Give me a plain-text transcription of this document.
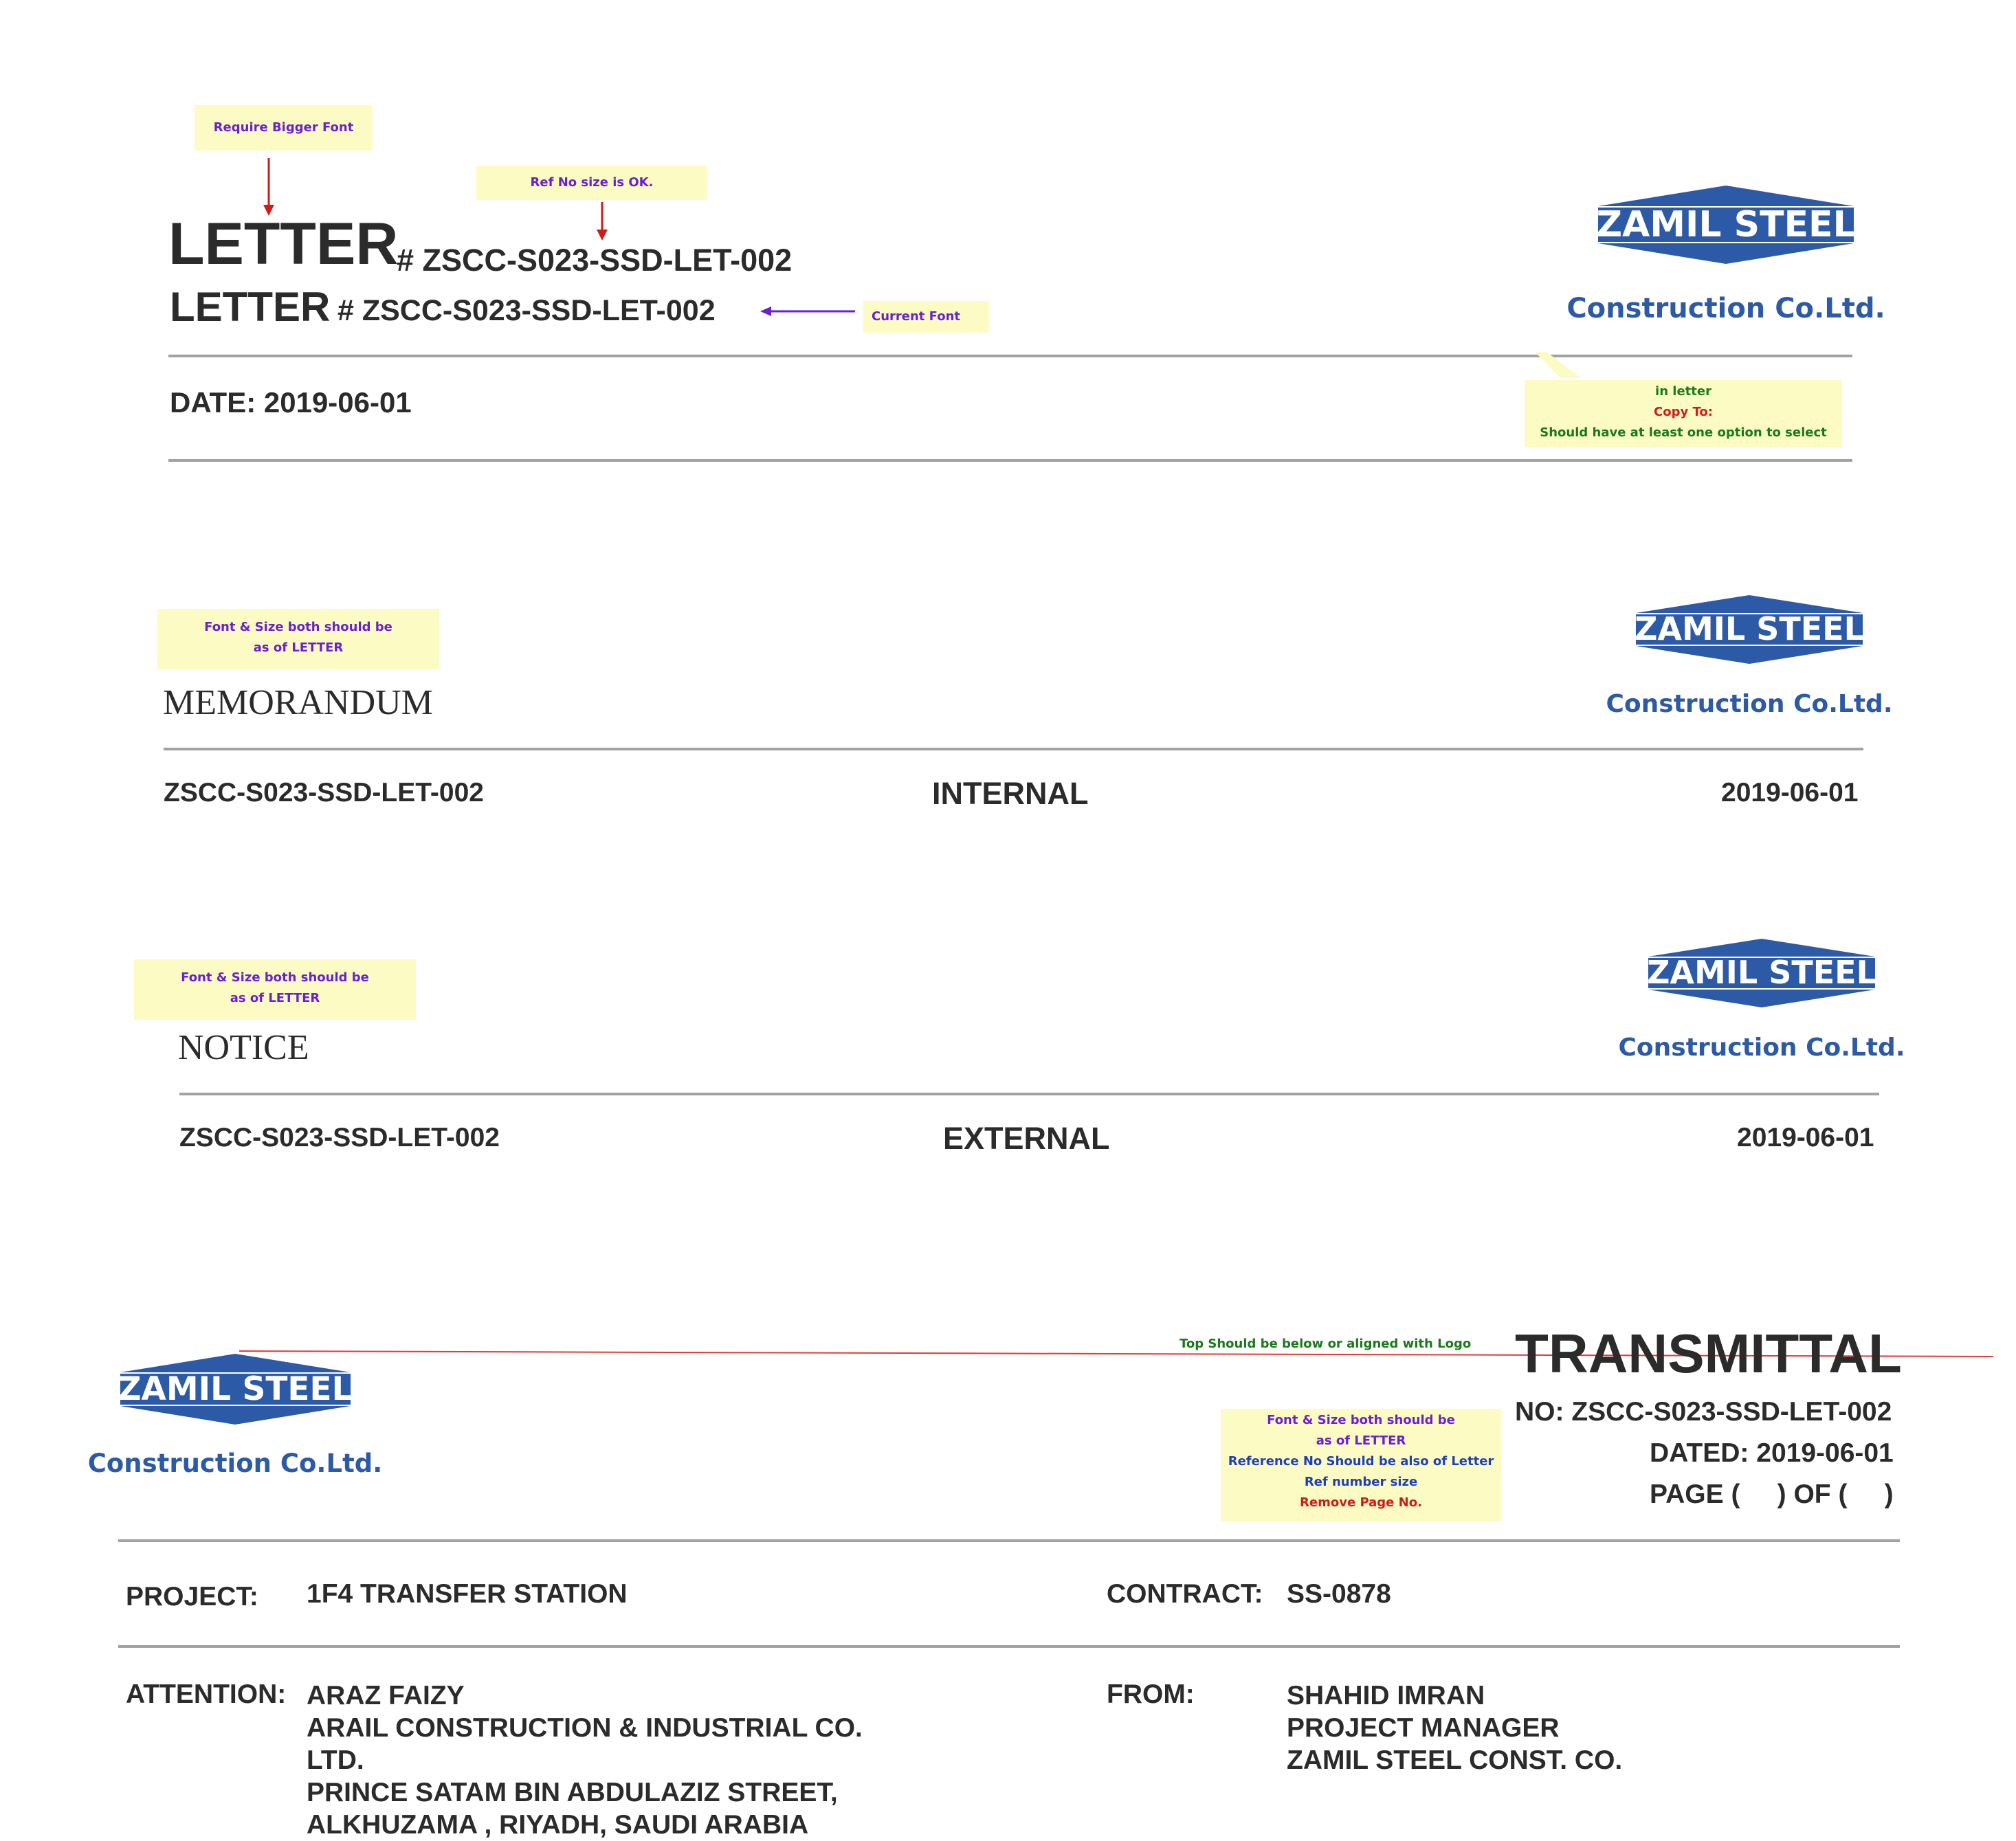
Require Bigger Font
Ref No size is OK.
LETTER
# ZSCC-S023-SSD-LET-002
LETTER # ZSCC-S023-SSD-LET-002	Current Font
ZAMIL STEEL
Construction Co.Ltd.
in letter
Copy To:
Should have at least one option to select
DATE: 2019-06-01
Font & Size both should be
as of LETTER
MEMORANDUM
ZAMIL STEEL
Construction Co.Ltd.
ZSCC-S023-SSD-LET-002	INTERNAL	2019-06-01
Font & Size both should be
as of LETTER
NOTICE
ZAMIL STEEL
Construction Co.Ltd.
ZSCC-S023-SSD-LET-002	EXTERNAL	2019-06-01
Top Should be below or aligned with Logo
ZAMIL STEEL
Construction Co.Ltd.
TRANSMITTAL
NO: ZSCC-S023-SSD-LET-002
DATED: 2019-06-01
PAGE (     ) OF (     )
Font & Size both should be
as of LETTER
Reference No Should be also of Letter
Ref number size
Remove Page No.
PROJECT: 1F4 TRANSFER STATION	CONTRACT: SS-0878
ATTENTION: ARAZ FAIZY
ARAIL CONSTRUCTION & INDUSTRIAL CO.
LTD.
PRINCE SATAM BIN ABDULAZIZ STREET,
ALKHUZAMA , RIYADH, SAUDI ARABIA
FROM:	SHAHID IMRAN
PROJECT MANAGER
ZAMIL STEEL CONST. CO.
